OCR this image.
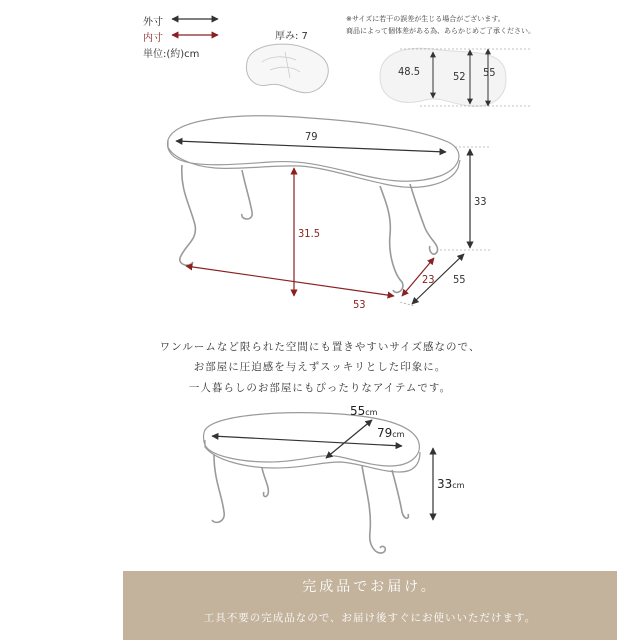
外寸
内寸
単位:(約)cm
厚み: 7
※サイズに若干の誤差が生じる場合がございます。
商品によって個体差がある為、あらかじめご了承ください。
48.5	52 55
79
33
31.5
53
23 55
ワンルームなど限られた空間にも置きやすいサイズ感なので、
お部屋に圧迫感を与えずスッキリとした印象に。
一人暮らしのお部屋にもぴったりなアイテムです。
55cm
79cm
33cm
完成品でお届け。
工具不要の完成品なので、お届け後すぐにお使いいただけます。
